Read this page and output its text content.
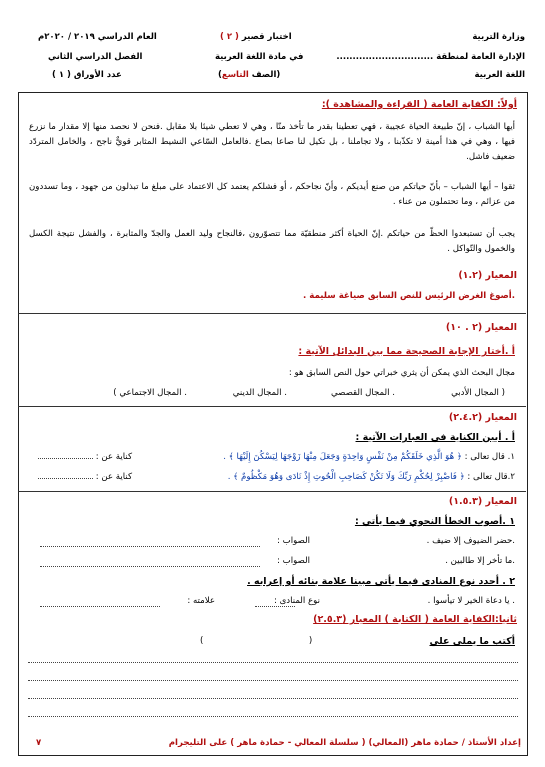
وزارة التربية
الإدارة العامة لمنطقة ..............................
اللغة العربية
اختبار قصير ( ٢ )
في مادة اللغة العربية
(الصف التاسع)
العام الدراسي ٢٠١٩ / ٢٠٢٠م
الفصل الدراسي الثاني
عدد الأوراق ( ١ )
أولاً: الكفاية العامة ( القراءة والمشاهدة ):
أيها الشباب ، إنّ طبيعة الحياة عجيبة ، فهي تعطينا بقدر ما تأخذ منّا ، وهي لا تعطي شيئا بلا مقابل .فنحن لا نحصد منها إلا مقدار ما نزرع فيها ، وهي في هذا أمينة لا تكذّبنا ، ولا تجاملنا ، بل تكيل لنا صاعا بصاع .فالعامل السّاعي النشيط المثابر قويٌّ ناجح ، والخامل المتردّد ضعيف فاشل.
ثقوا – أيها الشباب – بأنّ حياتكم من صنع أيديكم ، وأنّ نجاحكم ، أو فشلكم يعتمد كل الاعتماد على مبلغ ما تبذلون من جهود ، وما تسددون من عزائم ، وما تحتملون من عناء .
يجب أن تستبعدوا الحظّ من حياتكم .إنّ الحياة أكثر منطقيّة مما تتصوّرون ،فالنجاح وليد العمل والجدّ والمثابرة ، والفشل نتيجة الكسل والخمول والتّواكل .
المعيار (١.٢)
.أصوغ الغرض الرئيس للنص السابق صياغة سليمة .
المعيار (٢ . ١٠)
أ .أختار الإجابة الصحيحة مما بين البدائل الآتية :
مجال البحث الذي يمكن أن يثري خبراتي حول النص السابق هو :
( المجال الأدبي
. المجال القصصي
. المجال الديني
. المجال الاجتماعي )
المعيار (٢.٤.٢)
أ . أبين الكناية في العبارات الآتية :
١. قال تعالى : ﴿ هُوَ الَّذِي خَلَقَكُمْ مِنْ نَفْسٍ وَاحِدَةٍ وَجَعَلَ مِنْهَا زَوْجَهَا لِيَسْكُنَ إِلَيْهَا ﴾ .
كناية عن :
٢.قال تعالى : ﴿ فَاصْبِرْ لِحُكْمِ رَبِّكَ وَلَا تَكُنْ كَصَاحِبِ الْحُوتِ إِذْ نَادَى وَهُوَ مَكْظُومٌ ﴾ .
كناية عن :
المعيار (١.٥.٣)
١ .أصوب الخطأ النحوي فيما يأتي :
.حضر الضيوف إلا ضيف .
الصواب :
.ما تأخر إلا طالبين .
الصواب :
٢ . أحدد نوع المنادى فيما يأتي مبينا علامة بنائه أو إعرابه .
. يا دعاة الخير لا تيأسوا .
نوع المنادى :
علامته :
ثانيا:الكفاية العامة ( الكتابة ) المعيار (٢.٥.٣)
أكتب ما يملى علي
(  )
إعداد الأستاذ / حمادة ماهر (المعالي) ( سلسلة المعالي - حمادة ماهر ) على التليجرام
٧
